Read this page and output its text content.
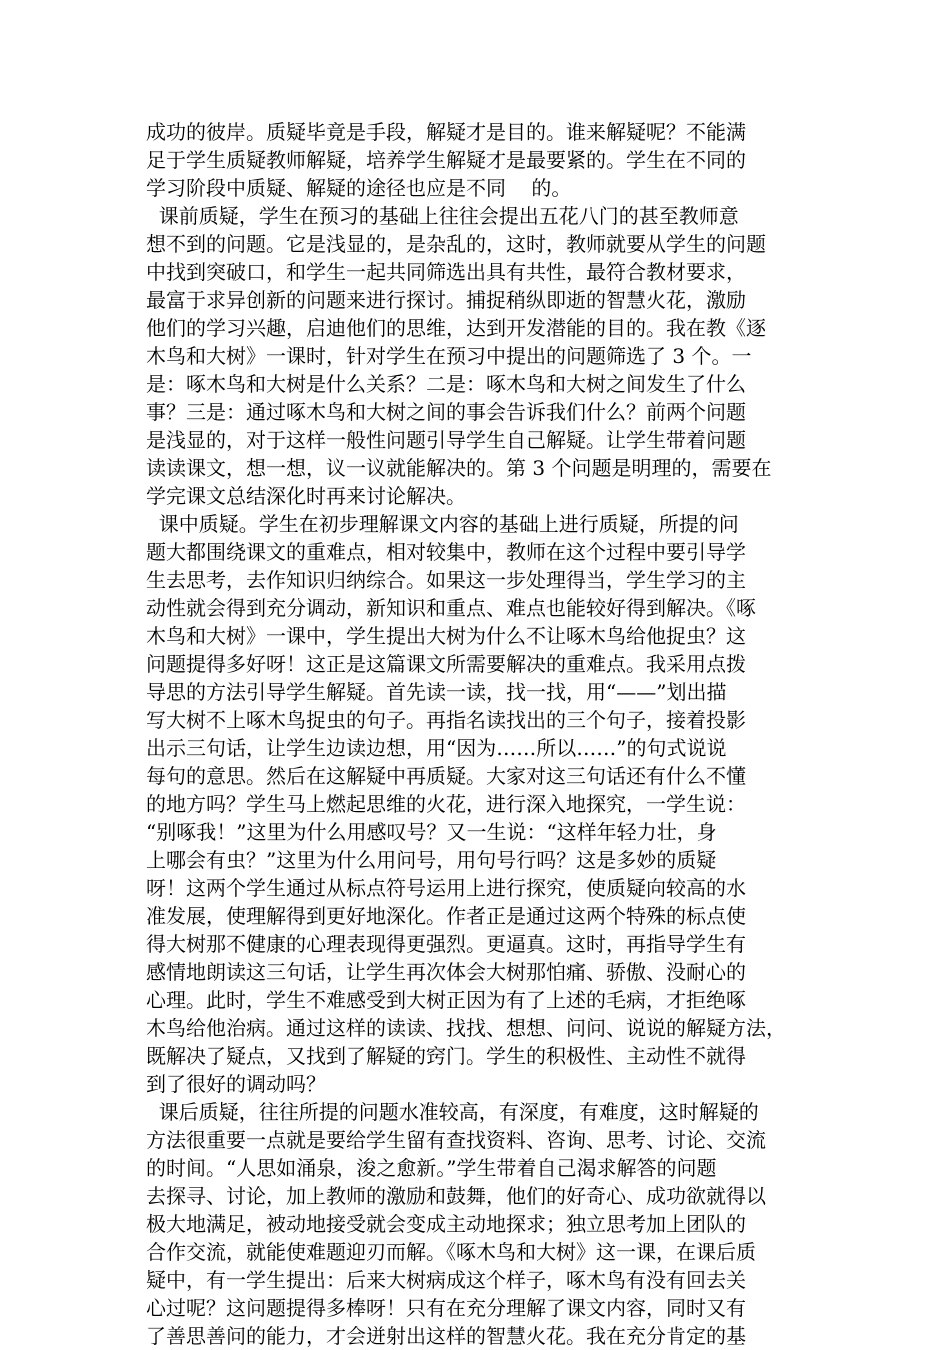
成功的彼岸。质疑毕竟是手段，解疑才是目的。谁来解疑呢？不能满
足于学生质疑教师解疑，培养学生解疑才是最要紧的。学生在不同的
学习阶段中质疑、解疑的途径也应是不同    的。
课前质疑，学生在预习的基础上往往会提出五花八门的甚至教师意
想不到的问题。它是浅显的，是杂乱的，这时，教师就要从学生的问题
中找到突破口，和学生一起共同筛选出具有共性，最符合教材要求，
最富于求异创新的问题来进行探讨。捕捉稍纵即逝的智慧火花，激励
他们的学习兴趣，启迪他们的思维，达到开发潜能的目的。我在教《逐
木鸟和大树》一课时，针对学生在预习中提出的问题筛选了 3 个。一
是：啄木鸟和大树是什么关系？二是：啄木鸟和大树之间发生了什么
事？三是：通过啄木鸟和大树之间的事会告诉我们什么？前两个问题
是浅显的，对于这样一般性问题引导学生自己解疑。让学生带着问题
读读课文，想一想，议一议就能解决的。第 3 个问题是明理的，需要在
学完课文总结深化时再来讨论解决。
课中质疑。学生在初步理解课文内容的基础上进行质疑，所提的问
题大都围绕课文的重难点，相对较集中，教师在这个过程中要引导学
生去思考，去作知识归纳综合。如果这一步处理得当，学生学习的主
动性就会得到充分调动，新知识和重点、难点也能较好得到解决。《啄
木鸟和大树》一课中，学生提出大树为什么不让啄木鸟给他捉虫？这
问题提得多好呀！这正是这篇课文所需要解决的重难点。我采用点拨
导思的方法引导学生解疑。首先读一读，找一找，用“——”划出描
写大树不上啄木鸟捉虫的句子。再指名读找出的三个句子，接着投影
出示三句话，让学生边读边想，用“因为……所以……”的句式说说
每句的意思。然后在这解疑中再质疑。大家对这三句话还有什么不懂
的地方吗？学生马上燃起思维的火花，进行深入地探究，一学生说：
“别啄我！”这里为什么用感叹号？又一生说：“这样年轻力壮，身
上哪会有虫？”这里为什么用问号，用句号行吗？这是多妙的质疑
呀！这两个学生通过从标点符号运用上进行探究，使质疑向较高的水
准发展，使理解得到更好地深化。作者正是通过这两个特殊的标点使
得大树那不健康的心理表现得更强烈。更逼真。这时，再指导学生有
感情地朗读这三句话，让学生再次体会大树那怕痛、骄傲、没耐心的
心理。此时，学生不难感受到大树正因为有了上述的毛病，才拒绝啄
木鸟给他治病。通过这样的读读、找找、想想、问问、说说的解疑方法，
既解决了疑点，又找到了解疑的窍门。学生的积极性、主动性不就得
到了很好的调动吗？
课后质疑，往往所提的问题水准较高，有深度，有难度，这时解疑的
方法很重要一点就是要给学生留有查找资料、咨询、思考、讨论、交流
的时间。“人思如涌泉，浚之愈新。”学生带着自己渴求解答的问题
去探寻、讨论，加上教师的激励和鼓舞，他们的好奇心、成功欲就得以
极大地满足，被动地接受就会变成主动地探求；独立思考加上团队的
合作交流，就能使难题迎刃而解。《啄木鸟和大树》这一课，在课后质
疑中，有一学生提出：后来大树病成这个样子，啄木鸟有没有回去关
心过呢？这问题提得多棒呀！只有在充分理解了课文内容，同时又有
了善思善问的能力，才会迸射出这样的智慧火花。我在充分肯定的基
